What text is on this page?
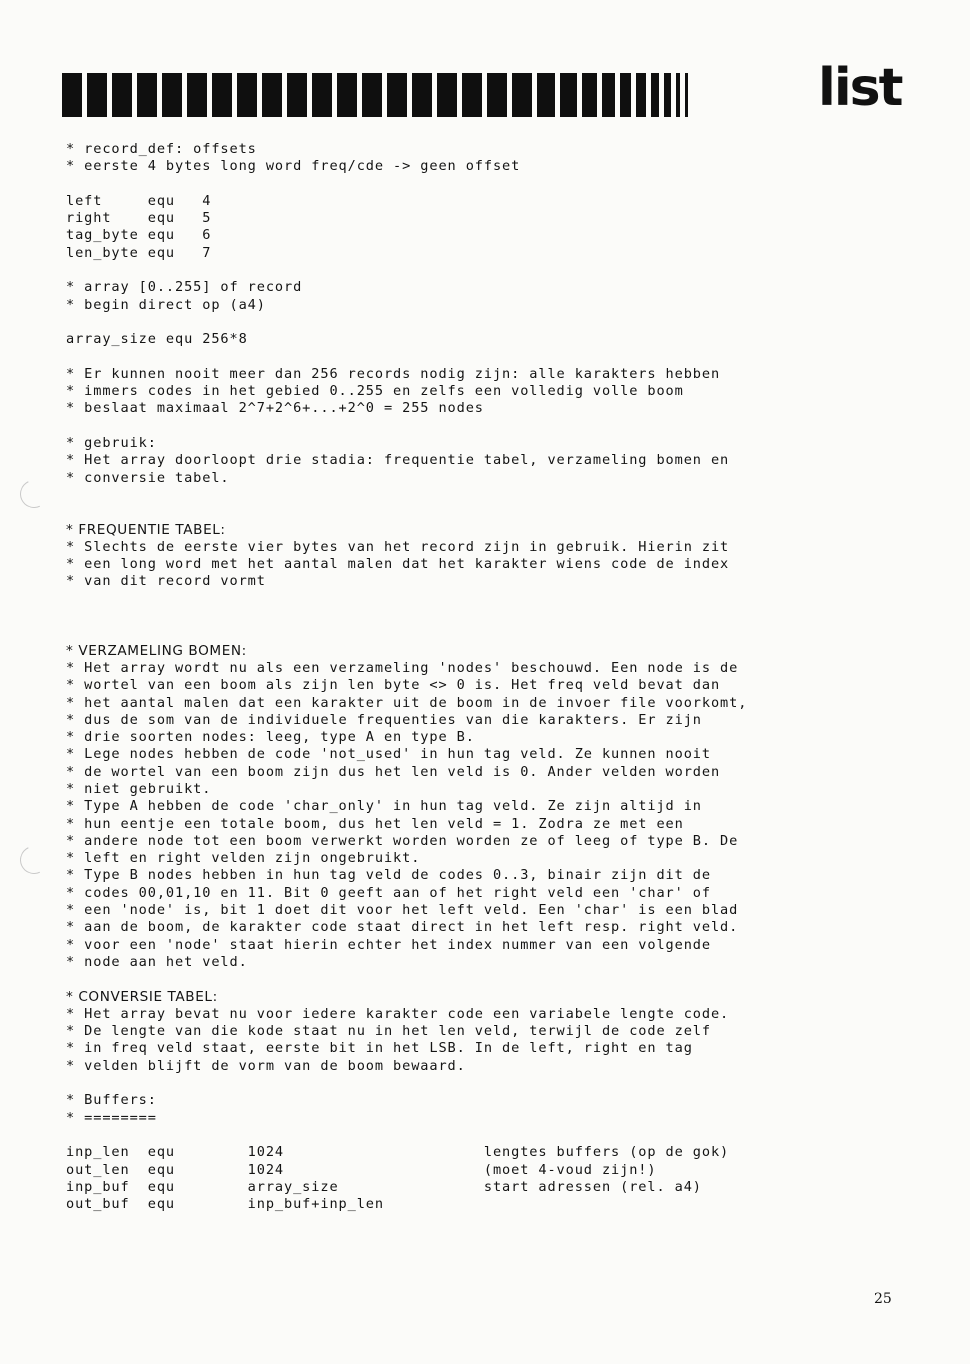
list
* record_def: offsets
* eerste 4 bytes long word freq/cde -> geen offset
left     equ   4
right    equ   5
tag_byte equ   6
len_byte equ   7
* array [0..255] of record
* begin direct op (a4)
array_size equ 256*8
* Er kunnen nooit meer dan 256 records nodig zijn: alle karakters hebben
* immers codes in het gebied 0..255 en zelfs een volledig volle boom
* beslaat maximaal 2^7+2^6+...+2^0 = 255 nodes
* gebruik:
* Het array doorloopt drie stadia: frequentie tabel, verzameling bomen en
* conversie tabel.
* FREQUENTIE TABEL:
* Slechts de eerste vier bytes van het record zijn in gebruik. Hierin zit
* een long word met het aantal malen dat het karakter wiens code de index
* van dit record vormt
* VERZAMELING BOMEN:
* Het array wordt nu als een verzameling 'nodes' beschouwd. Een node is de
* wortel van een boom als zijn len byte <> 0 is. Het freq veld bevat dan
* het aantal malen dat een karakter uit de boom in de invoer file voorkomt,
* dus de som van de individuele frequenties van die karakters. Er zijn
* drie soorten nodes: leeg, type A en type B.
* Lege nodes hebben de code 'not_used' in hun tag veld. Ze kunnen nooit
* de wortel van een boom zijn dus het len veld is 0. Ander velden worden
* niet gebruikt.
* Type A hebben de code 'char_only' in hun tag veld. Ze zijn altijd in
* hun eentje een totale boom, dus het len veld = 1. Zodra ze met een
* andere node tot een boom verwerkt worden worden ze of leeg of type B. De
* left en right velden zijn ongebruikt.
* Type B nodes hebben in hun tag veld de codes 0..3, binair zijn dit de
* codes 00,01,10 en 11. Bit 0 geeft aan of het right veld een 'char' of
* een 'node' is, bit 1 doet dit voor het left veld. Een 'char' is een blad
* aan de boom, de karakter code staat direct in het left resp. right veld.
* voor een 'node' staat hierin echter het index nummer van een volgende
* node aan het veld.
* CONVERSIE TABEL:
* Het array bevat nu voor iedere karakter code een variabele lengte code.
* De lengte van die kode staat nu in het len veld, terwijl de code zelf
* in freq veld staat, eerste bit in het LSB. In de left, right en tag
* velden blijft de vorm van de boom bewaard.
* Buffers:
* ========
inp_len  equ        1024                      lengtes buffers (op de gok)
out_len  equ        1024                      (moet 4-voud zijn!)
inp_buf  equ        array_size                start adressen (rel. a4)
out_buf  equ        inp_buf+inp_len
25
